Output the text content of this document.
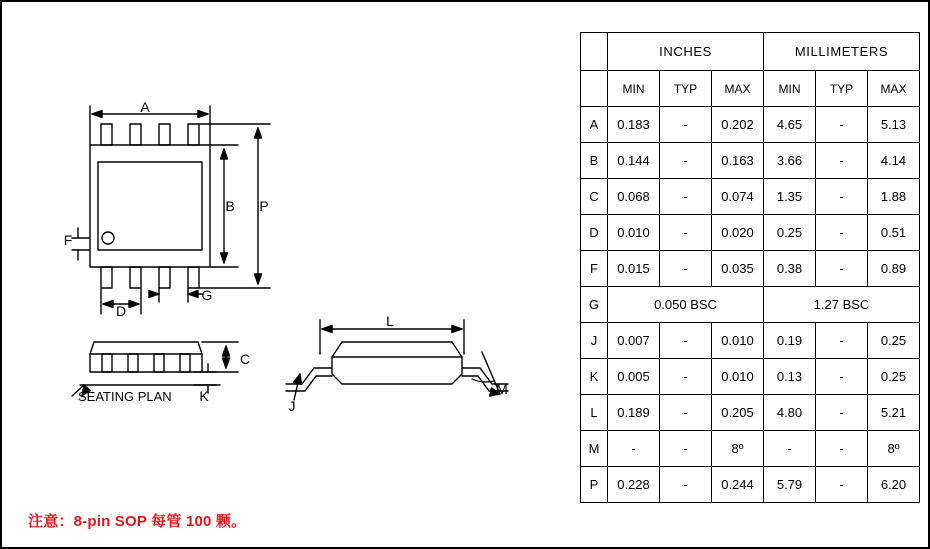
A
B P
F
D
G
C
K
J
L
M
SEATING PLAN
注意：8-pin SOP 每管 100 颗。
	INCHES			MILLIMETERS		
	MIN	TYP	MAX	MIN	TYP	MAX
A	0.183	-	0.202	4.65	-	5.13
B	0.144	-	0.163	3.66	-	4.14
C	0.068	-	0.074	1.35	-	1.88
D	0.010	-	0.020	0.25	-	0.51
F	0.015	-	0.035	0.38	-	0.89
G	0.050 BSC			1.27 BSC		
J	0.007	-	0.010	0.19	-	0.25
K	0.005	-	0.010	0.13	-	0.25
L	0.189	-	0.205	4.80	-	5.21
M	-	-	8º	-	-	8º
P	0.228	-	0.244	5.79	-	6.20
